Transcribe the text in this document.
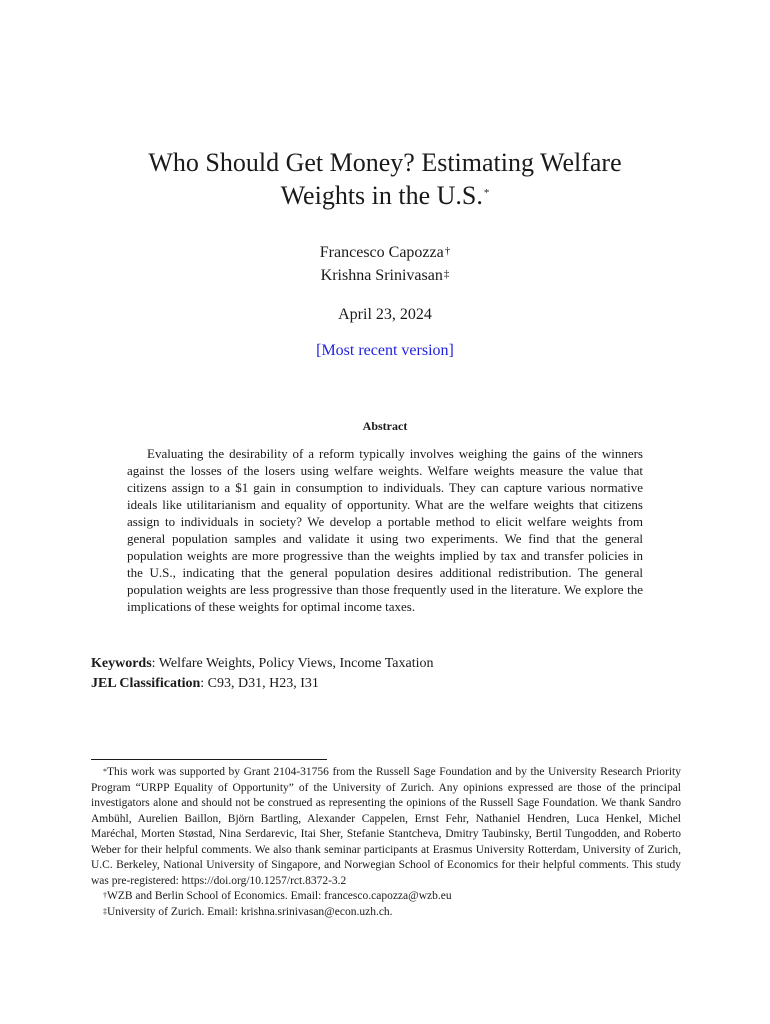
Who Should Get Money? Estimating Welfare
Weights in the U.S.*
Francesco Capozza†
Krishna Srinivasan‡
April 23, 2024
[Most recent version]
Abstract

Evaluating the desirability of a reform typically involves weighing the gains of the winners against the losses of the losers using welfare weights. Welfare weights measure the value that citizens assign to a $1 gain in consumption to individuals. They can capture various normative ideals like utilitarianism and equality of opportunity. What are the welfare weights that citizens assign to individuals in society? We develop a portable method to elicit welfare weights from general population samples and validate it using two experiments. We find that the general population weights are more progressive than the weights implied by tax and transfer policies in the U.S., indicating that the general population desires additional redistribution. The general population weights are less progressive than those frequently used in the literature. We explore the implications of these weights for optimal income taxes.

Keywords: Welfare Weights, Policy Views, Income Taxation
JEL Classification: C93, D31, H23, I31

*This work was supported by Grant 2104-31756 from the Russell Sage Foundation and by the University Research Priority Program “URPP Equality of Opportunity” of the University of Zurich. Any opinions expressed are those of the principal investigators alone and should not be construed as representing the opinions of the Russell Sage Foundation. We thank Sandro Ambühl, Aurelien Baillon, Björn Bartling, Alexander Cappelen, Ernst Fehr, Nathaniel Hendren, Luca Henkel, Michel Maréchal, Morten Støstad, Nina Serdarevic, Itai Sher, Stefanie Stantcheva, Dmitry Taubinsky, Bertil Tungodden, and Roberto Weber for their helpful comments. We also thank seminar participants at Erasmus University Rotterdam, University of Zurich, U.C. Berkeley, National University of Singapore, and Norwegian School of Economics for their helpful comments. This study was pre-registered: https://doi.org/10.1257/rct.8372-3.2

†WZB and Berlin School of Economics. Email: francesco.capozza@wzb.eu

‡University of Zurich. Email: krishna.srinivasan@econ.uzh.ch.
